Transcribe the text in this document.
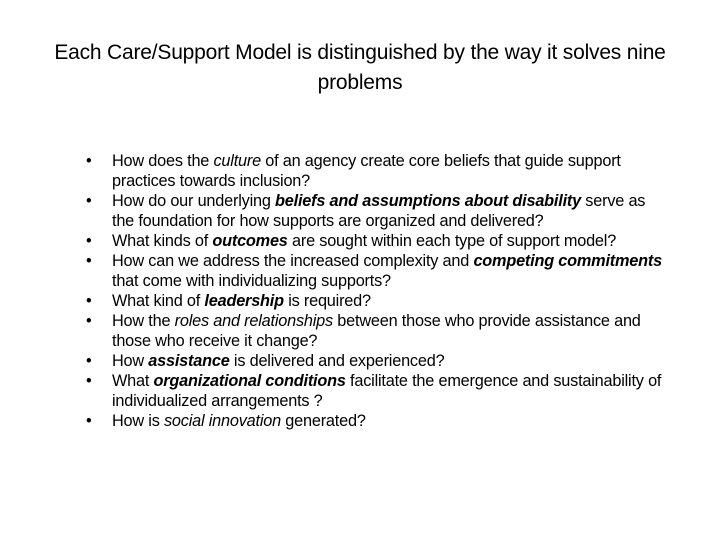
Each Care/Support Model is distinguished by the way it solves nine problems
• How does the culture of an agency create core beliefs that guide support practices towards inclusion?
• How do our underlying beliefs and assumptions about disability serve as the foundation for how supports are organized and delivered?
• What kinds of outcomes are sought within each type of support model?
• How can we address the increased complexity and competing commitments that come with individualizing supports?
• What kind of leadership is required?
• How the roles and relationships between those who provide assistance and those who receive it change?
• How assistance is delivered and experienced?
• What organizational conditions facilitate the emergence and sustainability of individualized arrangements ?
• How is social innovation generated?
